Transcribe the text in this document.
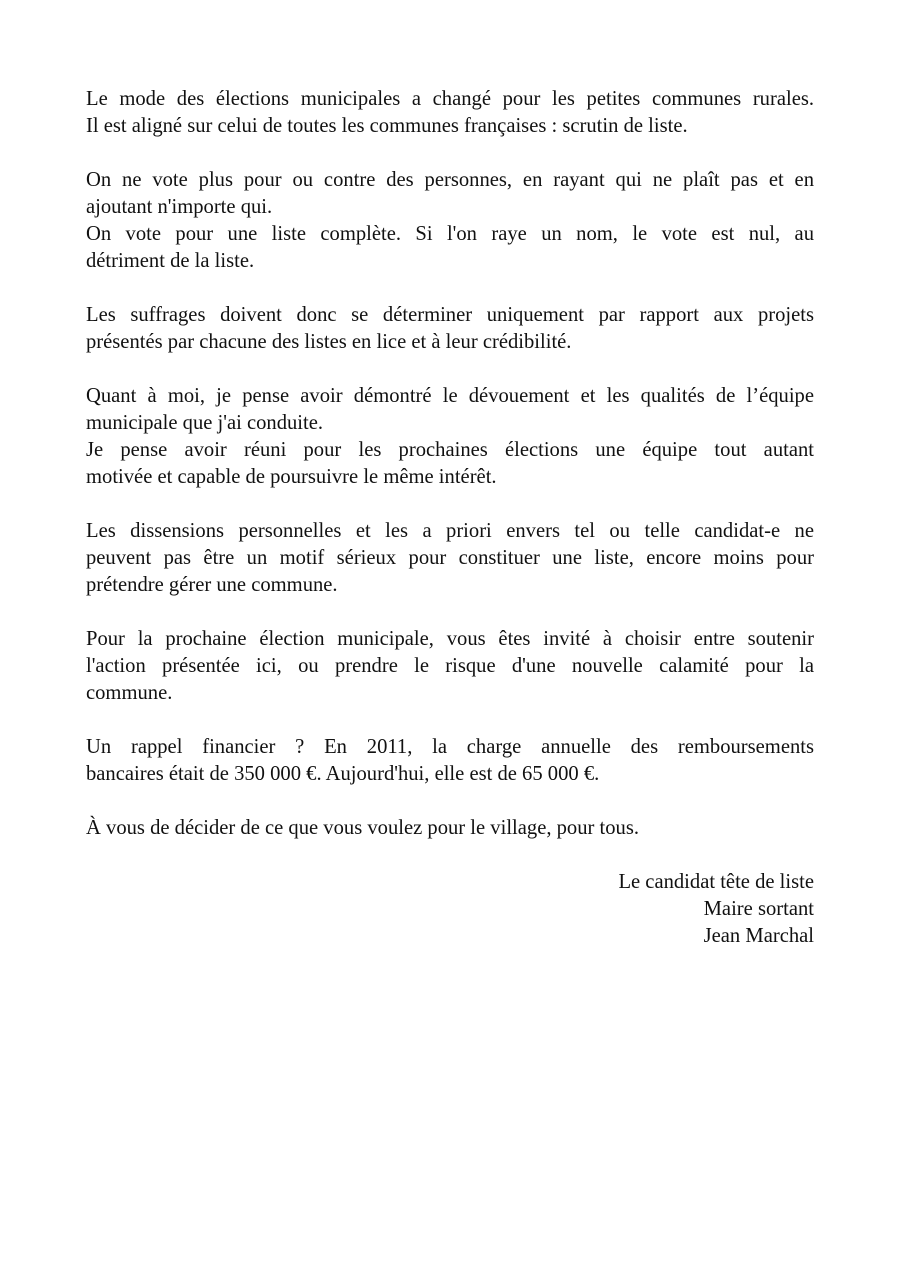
Le mode des élections municipales a changé pour les petites communes rurales.
Il est aligné sur celui de toutes les communes françaises : scrutin de liste.
On ne vote plus pour ou contre des personnes, en rayant qui ne plaît pas et en
ajoutant n'importe qui.
On vote pour une liste complète. Si l'on raye un nom, le vote est nul, au
détriment de la liste.
Les suffrages doivent donc se déterminer uniquement par rapport aux projets
présentés par chacune des listes en lice et à leur crédibilité.
Quant à moi, je pense avoir démontré le dévouement et les qualités de l’équipe
municipale que j'ai conduite.
Je pense avoir réuni pour les prochaines élections une équipe tout autant
motivée et capable de poursuivre le même intérêt.
Les dissensions personnelles et les a priori envers tel ou telle candidat-e ne
peuvent pas être un motif sérieux pour constituer une liste, encore moins pour
prétendre gérer une commune.
Pour la prochaine élection municipale, vous êtes invité à choisir entre soutenir
l'action présentée ici, ou prendre le risque d'une nouvelle calamité pour la
commune.
Un rappel financier ? En 2011, la charge annuelle des remboursements
bancaires était de 350 000 €. Aujourd'hui, elle est de 65 000 €.
À vous de décider de ce que vous voulez pour le village, pour tous.
Le candidat tête de liste
Maire sortant
Jean Marchal
